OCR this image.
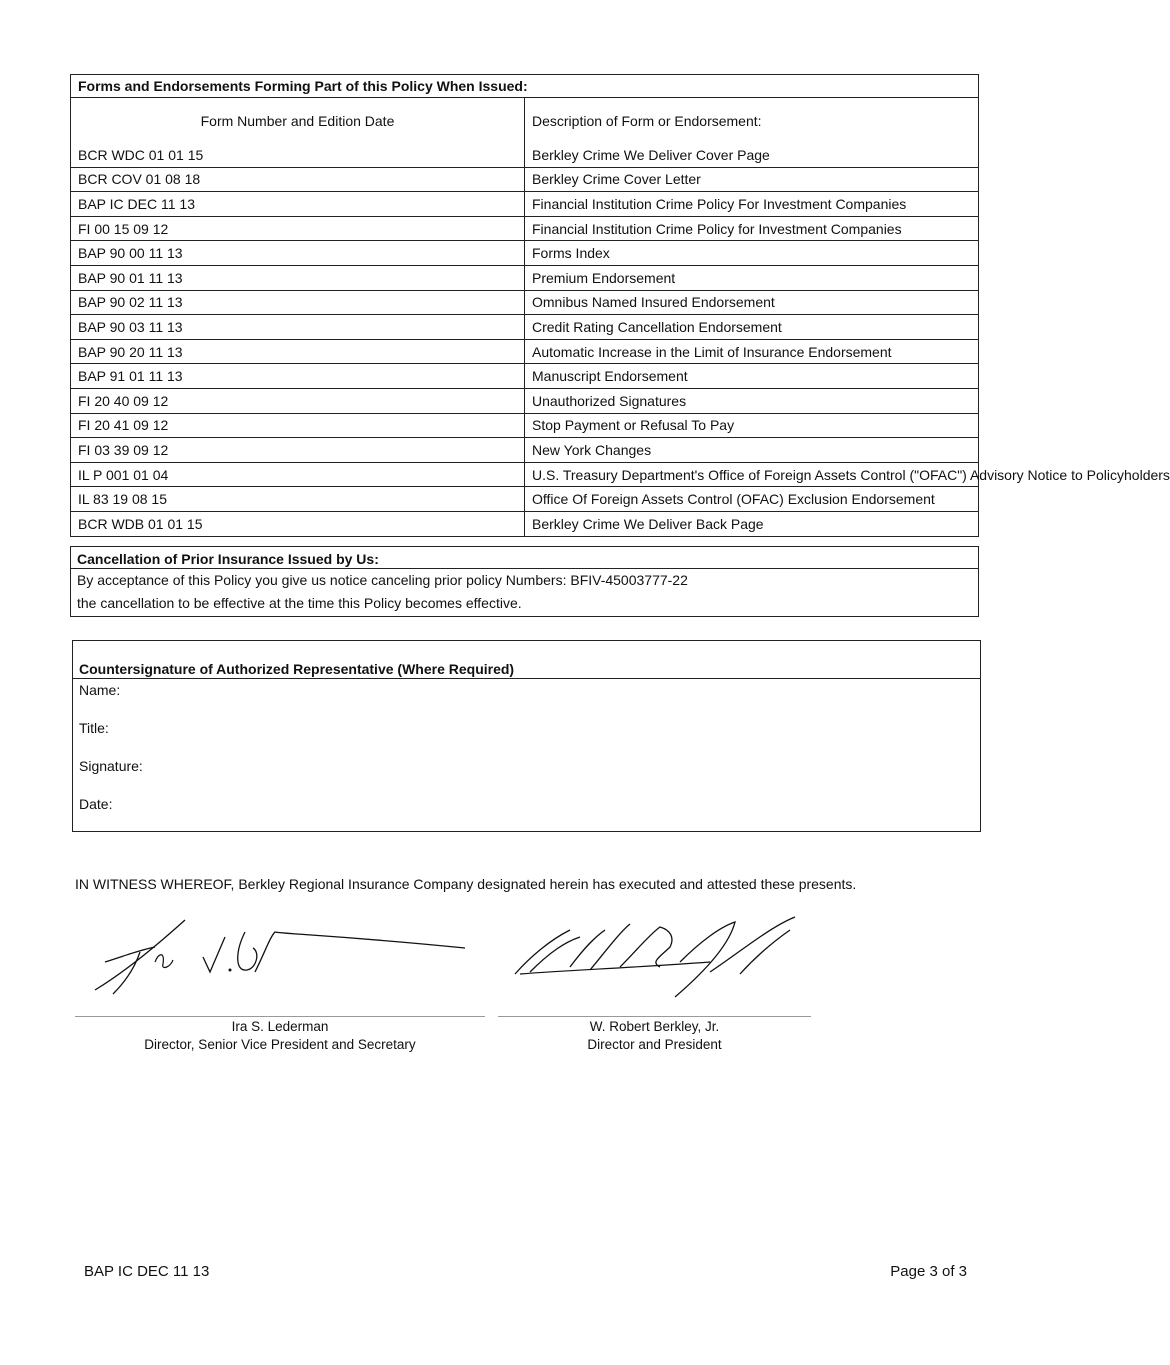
Forms and Endorsements Forming Part of this Policy When Issued:	
Form Number and Edition Date	Description of Form or Endorsement:
BCR WDC 01 01 15	Berkley Crime We Deliver Cover Page
BCR COV 01 08 18	Berkley Crime Cover Letter
BAP IC DEC 11 13	Financial Institution Crime Policy For Investment Companies
FI 00 15 09 12	Financial Institution Crime Policy for Investment Companies
BAP 90 00 11 13	Forms Index
BAP 90 01 11 13	Premium Endorsement
BAP 90 02 11 13	Omnibus Named Insured Endorsement
BAP 90 03 11 13	Credit Rating Cancellation Endorsement
BAP 90 20 11 13	Automatic Increase in the Limit of Insurance Endorsement
BAP 91 01 11 13	Manuscript Endorsement
FI 20 40 09 12	Unauthorized Signatures
FI 20 41 09 12	Stop Payment or Refusal To Pay
FI 03 39 09 12	New York Changes
IL P 001 01 04	U.S. Treasury Department's Office of Foreign Assets Control ("OFAC") Advisory Notice to Policyholders
IL 83 19 08 15	Office Of Foreign Assets Control (OFAC) Exclusion Endorsement
BCR WDB 01 01 15	Berkley Crime We Deliver Back Page
Cancellation of Prior Insurance Issued by Us:
By acceptance of this Policy you give us notice canceling prior policy Numbers: BFIV-45003777-22
the cancellation to be effective at the time this Policy becomes effective.
Countersignature of Authorized Representative (Where Required)
Name:
Title:
Signature:
Date:
IN WITNESS WHEREOF, Berkley Regional Insurance Company designated herein has executed and attested these presents.
Ira S. Lederman
Director, Senior Vice President and Secretary
W. Robert Berkley, Jr.
Director and President
BAP IC DEC 11 13	Page 3 of 3
